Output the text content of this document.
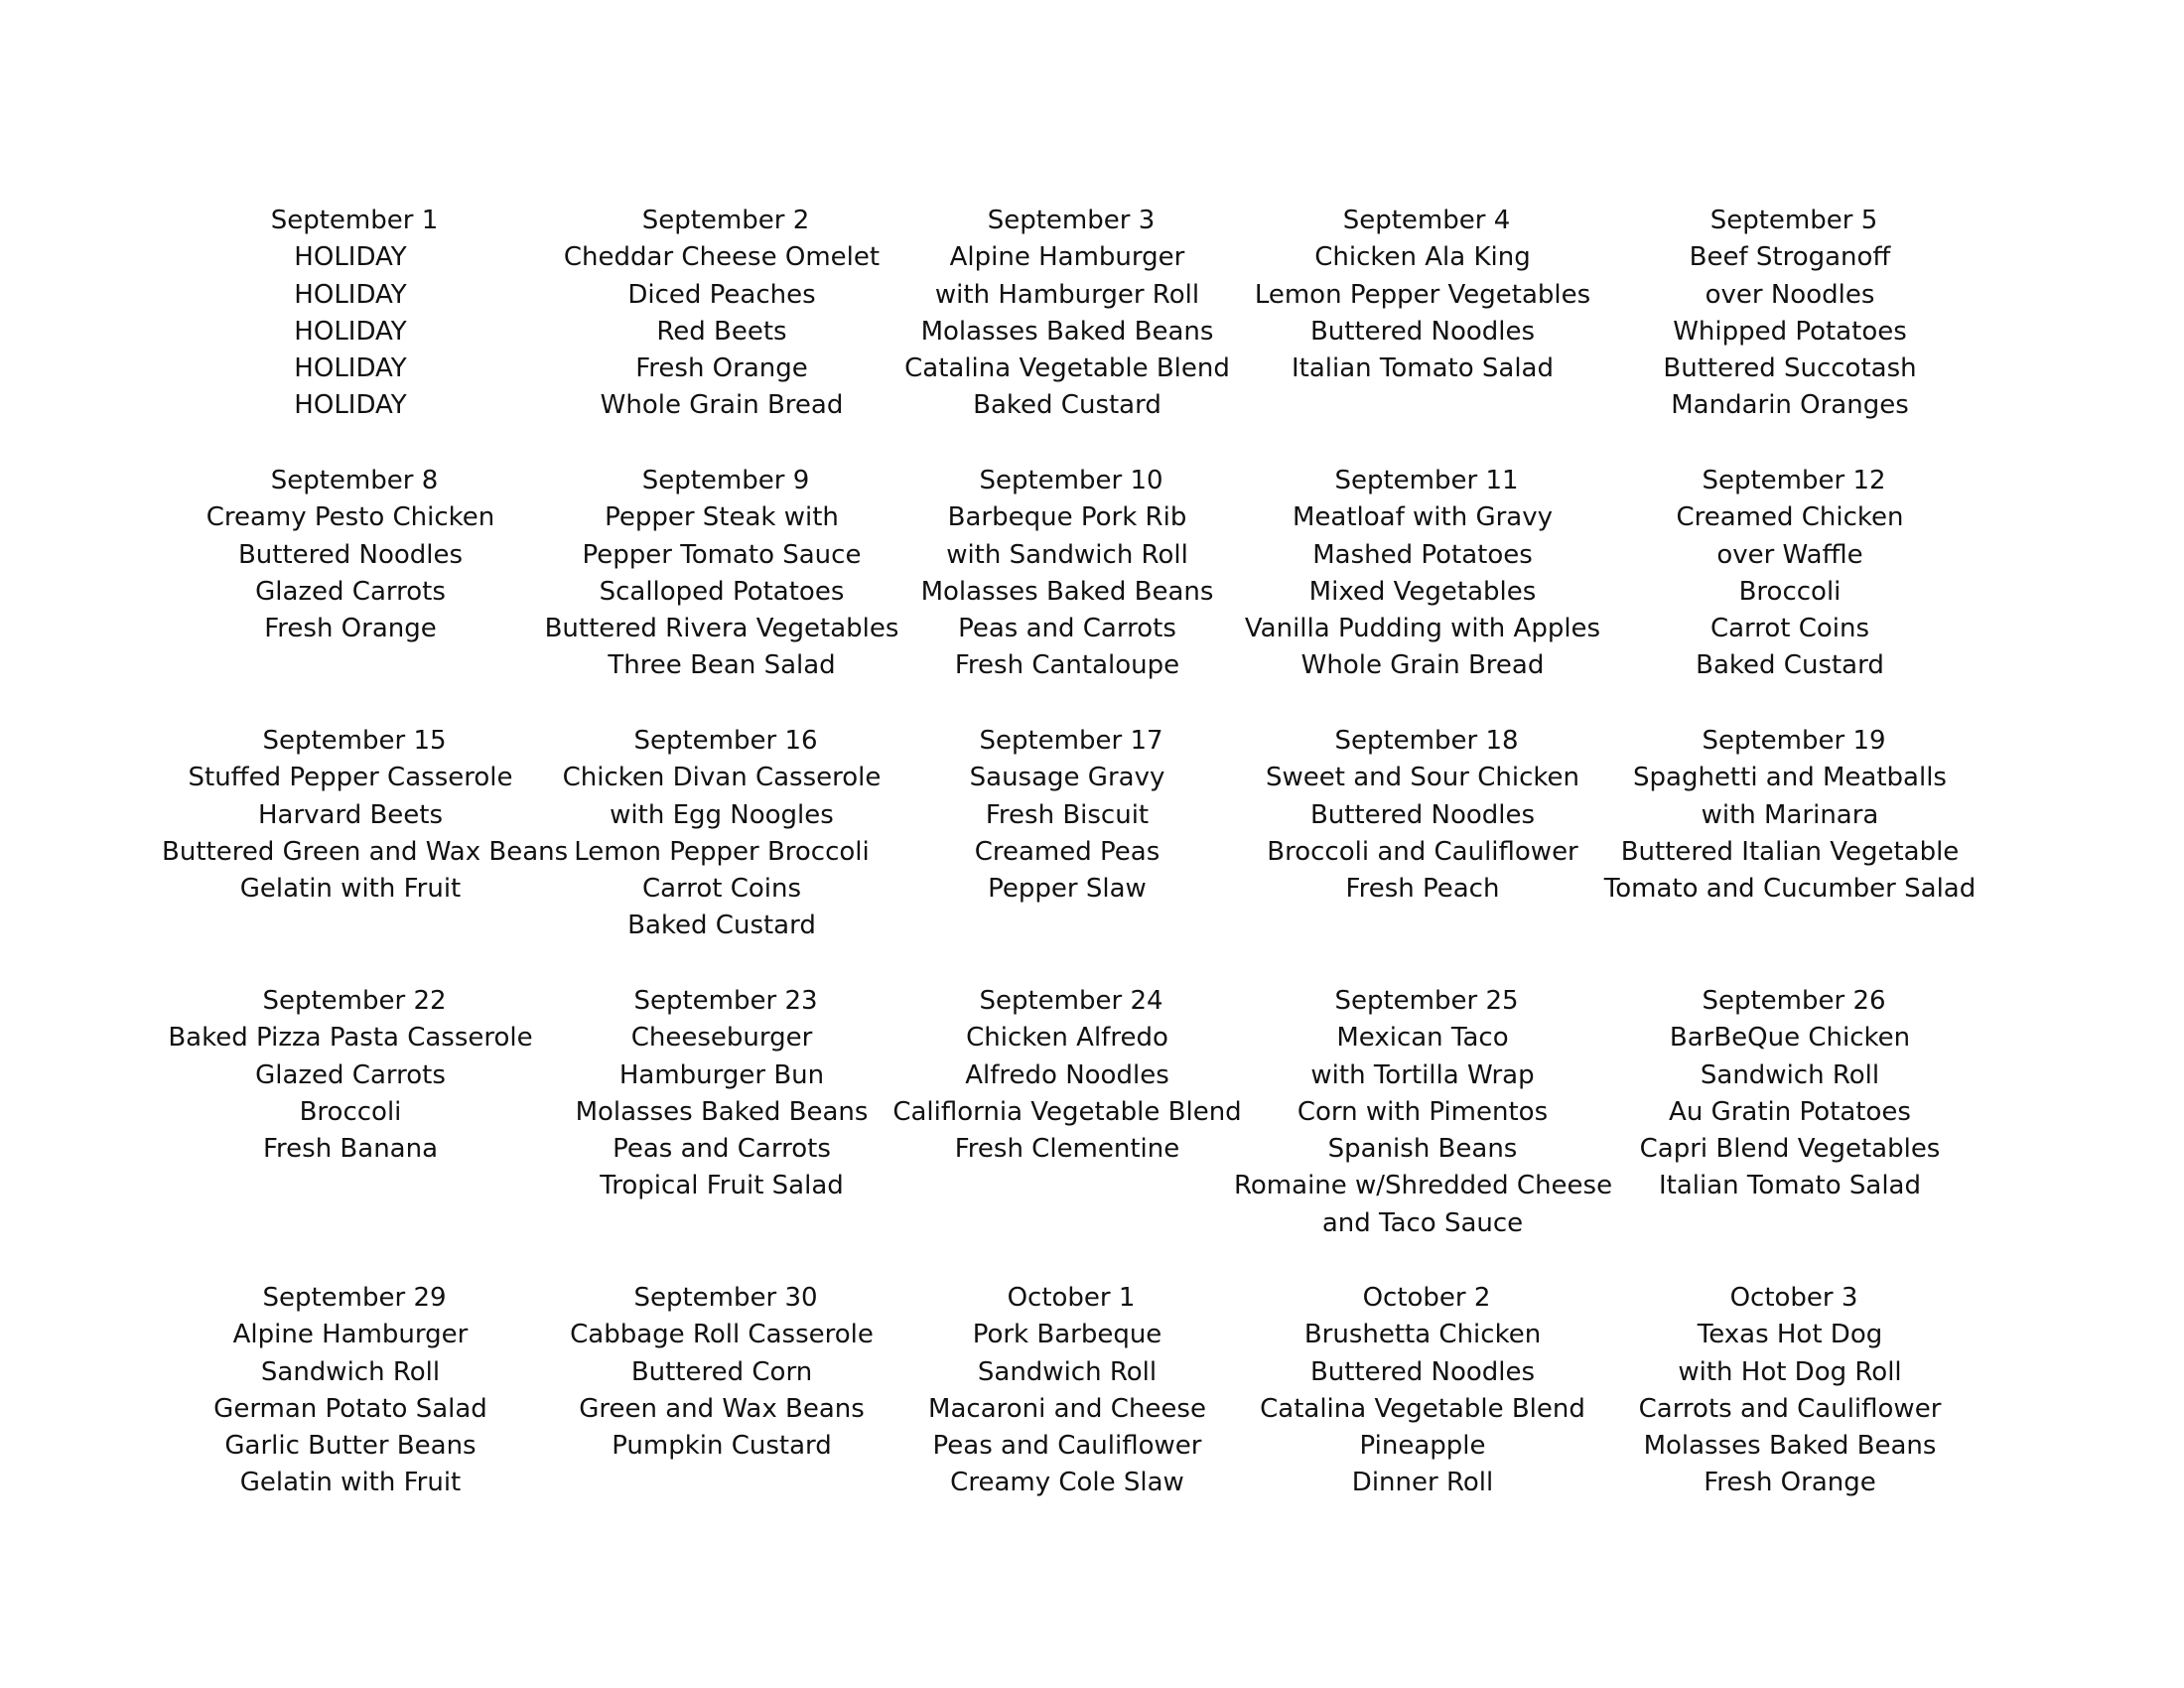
September 1
HOLIDAY
HOLIDAY
HOLIDAY
HOLIDAY
HOLIDAY
September 2
Cheddar Cheese Omelet
Diced Peaches
Red Beets
Fresh Orange
Whole Grain Bread
September 3
Alpine Hamburger
with Hamburger Roll
Molasses Baked Beans
Catalina Vegetable Blend
Baked Custard
September 4
Chicken Ala King
Lemon Pepper Vegetables
Buttered Noodles
Italian Tomato Salad
September 5
Beef Stroganoff
over Noodles
Whipped Potatoes
Buttered Succotash
Mandarin Oranges
September 8
Creamy Pesto Chicken
Buttered Noodles
Glazed Carrots
Fresh Orange
September 9
Pepper Steak with
Pepper Tomato Sauce
Scalloped Potatoes
Buttered Rivera Vegetables
Three Bean Salad
September 10
Barbeque Pork Rib
with Sandwich Roll
Molasses Baked Beans
Peas and Carrots
Fresh Cantaloupe
September 11
Meatloaf with Gravy
Mashed Potatoes
Mixed Vegetables
Vanilla Pudding with Apples
Whole Grain Bread
September 12
Creamed Chicken
over Waffle
Broccoli
Carrot Coins
Baked Custard
September 15
Stuffed Pepper Casserole
Harvard Beets
Buttered Green and Wax Beans
Gelatin with Fruit
September 16
Chicken Divan Casserole
with Egg Noogles
Lemon Pepper Broccoli
Carrot Coins
Baked Custard
September 17
Sausage Gravy
Fresh Biscuit
Creamed Peas
Pepper Slaw
September 18
Sweet and Sour Chicken
Buttered Noodles
Broccoli and Cauliflower
Fresh Peach
September 19
Spaghetti and Meatballs
with Marinara
Buttered Italian Vegetable
Tomato and Cucumber Salad
September 22
Baked Pizza Pasta Casserole
Glazed Carrots
Broccoli
Fresh Banana
September 23
Cheeseburger
Hamburger Bun
Molasses Baked Beans
Peas and Carrots
Tropical Fruit Salad
September 24
Chicken Alfredo
Alfredo Noodles
Califlornia Vegetable Blend
Fresh Clementine
September 25
Mexican Taco
with Tortilla Wrap
Corn with Pimentos
Spanish Beans
Romaine w/Shredded Cheese
and Taco Sauce
September 26
BarBeQue Chicken
Sandwich Roll
Au Gratin Potatoes
Capri Blend Vegetables
Italian Tomato Salad
September 29
Alpine Hamburger
Sandwich Roll
German Potato Salad
Garlic Butter Beans
Gelatin with Fruit
September 30
Cabbage Roll Casserole
Buttered Corn
Green and Wax Beans
Pumpkin Custard
October 1
Pork Barbeque
Sandwich Roll
Macaroni and Cheese
Peas and Cauliflower
Creamy Cole Slaw
October 2
Brushetta Chicken
Buttered Noodles
Catalina Vegetable Blend
Pineapple
Dinner Roll
October 3
Texas Hot Dog
with Hot Dog Roll
Carrots and Cauliflower
Molasses Baked Beans
Fresh Orange
